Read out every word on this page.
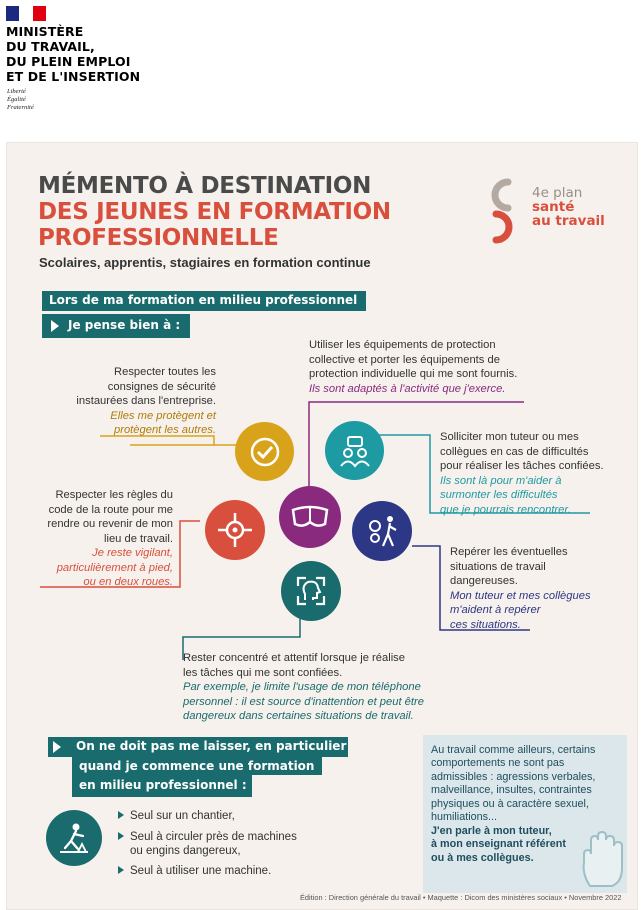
MINISTÈRE
DU TRAVAIL,
DU PLEIN EMPLOI
ET DE L'INSERTION
Liberté
Égalité
Fraternité
MÉMENTO À DESTINATION
DES JEUNES EN FORMATION
PROFESSIONNELLE
Scolaires, apprentis, stagiaires en formation continue
4e plan
santé
au travail
Lors de ma formation en milieu professionnel
Je pense bien à :
Utiliser les équipements de protection
collective et porter les équipements de
protection individuelle qui me sont fournis.
Ils sont adaptés à l'activité que j'exerce.
Respecter toutes les
consignes de sécurité
instaurées dans l'entreprise.
Elles me protègent et
protègent les autres.
Solliciter mon tuteur ou mes
collègues en cas de difficultés
pour réaliser les tâches confiées.
Ils sont là pour m'aider à
surmonter les difficultés
que je pourrais rencontrer.
Respecter les règles du
code de la route pour me
rendre ou revenir de mon
lieu de travail.
Je reste vigilant,
particulièrement à pied,
ou en deux roues.
Repérer les éventuelles
situations de travail
dangereuses.
Mon tuteur et mes collègues
m'aident à repérer
ces situations.
Rester concentré et attentif lorsque je réalise
les tâches qui me sont confiées.
Par exemple, je limite l'usage de mon téléphone
personnel : il est source d'inattention et peut être
dangereux dans certaines situations de travail.
On ne doit pas me laisser, en particulier
quand je commence une formation
en milieu professionnel :
Seul sur un chantier,
Seul à circuler près de machines
ou engins dangereux,
Seul à utiliser une machine.
Au travail comme ailleurs, certains
comportements ne sont pas
admissibles : agressions verbales,
malveillance, insultes, contraintes
physiques ou à caractère sexuel,
humiliations...
J'en parle à mon tuteur,
à mon enseignant référent
ou à mes collègues.
Édition : Direction générale du travail • Maquette : Dicom des ministères sociaux • Novembre 2022
